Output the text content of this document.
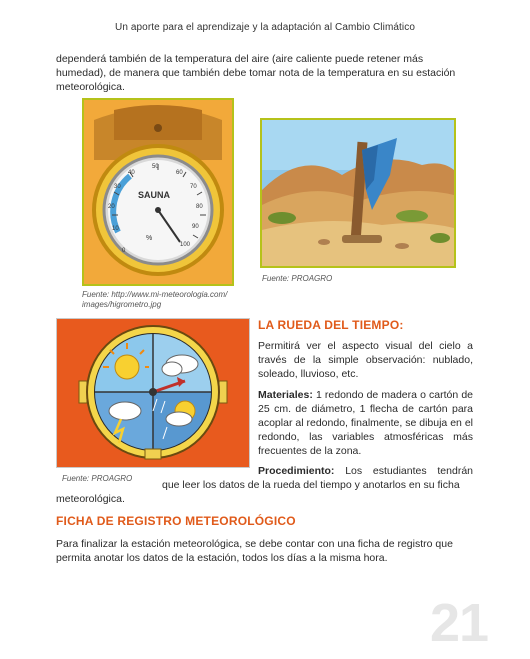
Un aporte para el aprendizaje y la adaptación al Cambio Climático
dependerá también de la temperatura del aire (aire caliente puede retener más humedad), de manera que también debe tomar nota de la temperatura en su estación meteorológica.
SAUNA
%
0
10
20
30
40
50
60
70
80
90
100
Fuente: http://www.mi-meteorologia.com/
images/higrometro.jpg
Fuente: PROAGRO
Fuente: PROAGRO
LA RUEDA DEL TIEMPO:
Permitirá ver el aspecto visual del cielo a través de la simple observación: nublado, soleado, lluvioso, etc.
Materiales: 1 redondo de madera o cartón de 25 cm. de diámetro, 1 flecha de cartón para acoplar al redondo, finalmente, se dibuja en el redondo, las variables atmosféricas más frecuentes de la zona.
Procedimiento: Los estudiantes tendrán
que leer los datos de la rueda del tiempo y anotarlos en su ficha
meteorológica.
FICHA DE REGISTRO METEOROLÓGICO
Para finalizar la estación meteorológica, se debe contar con una ficha de registro que permita anotar los datos de la estación, todos los días a la misma hora.
21
